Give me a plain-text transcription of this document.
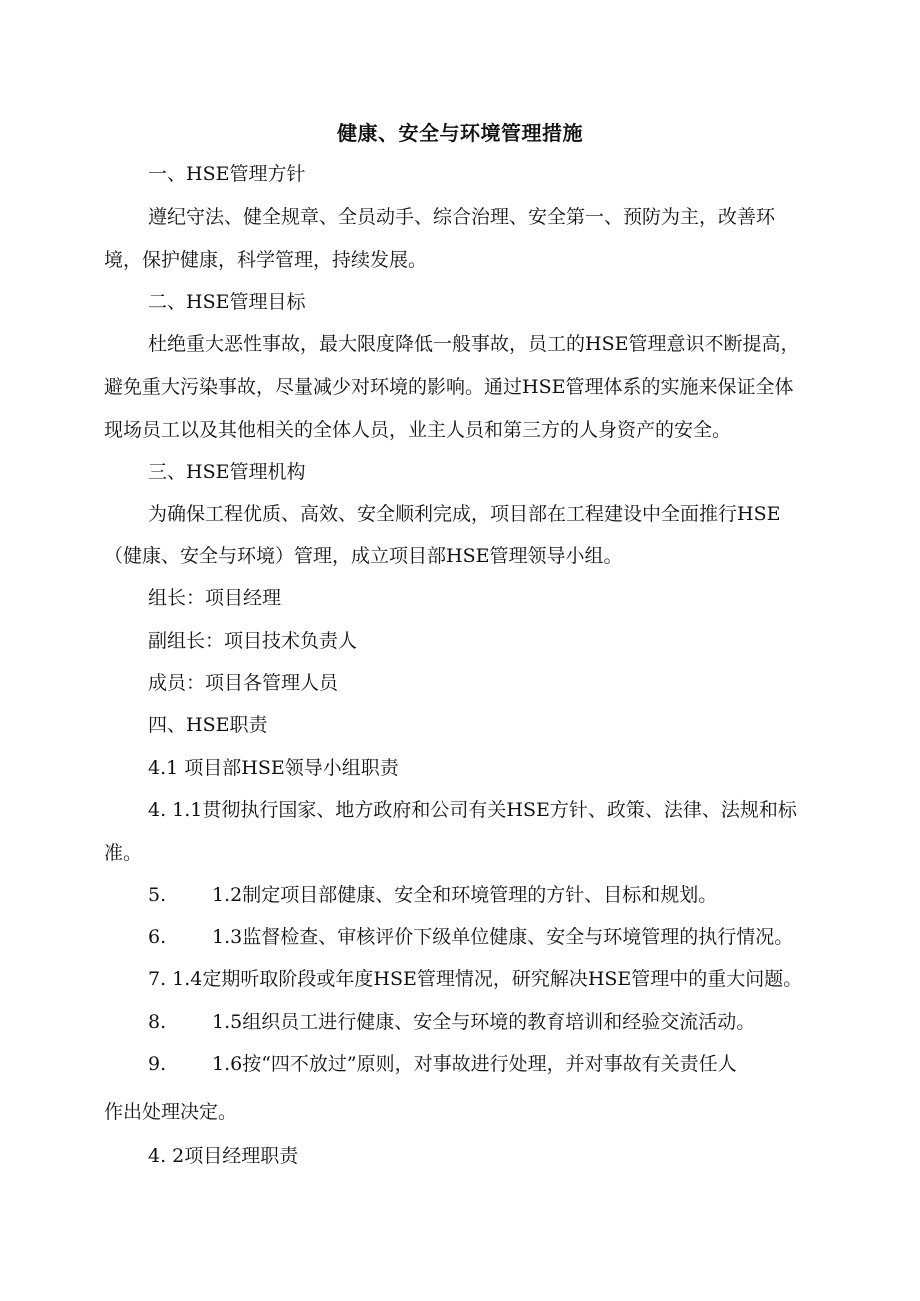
健康、安全与环境管理措施
一、HSE管理方针
遵纪守法、健全规章、全员动手、综合治理、安全第一、预防为主，改善环
境，保护健康，科学管理，持续发展。
二、HSE管理目标
杜绝重大恶性事故，最大限度降低一般事故，员工的HSE管理意识不断提高，
避免重大污染事故，尽量减少对环境的影响。通过HSE管理体系的实施来保证全体
现场员工以及其他相关的全体人员，业主人员和第三方的人身资产的安全。
三、HSE管理机构
为确保工程优质、高效、安全顺利完成，项目部在工程建设中全面推行HSE
（健康、安全与环境）管理，成立项目部HSE管理领导小组。
组长：项目经理
副组长：项目技术负责人
成员：项目各管理人员
四、HSE职责
4.1 项目部HSE领导小组职责
4. 1.1贯彻执行国家、地方政府和公司有关HSE方针、政策、法律、法规和标
准。
5. 1.2制定项目部健康、安全和环境管理的方针、目标和规划。
6. 1.3监督检查、审核评价下级单位健康、安全与环境管理的执行情况。
7. 1.4定期听取阶段或年度HSE管理情况，研究解决HSE管理中的重大问题。
8. 1.5组织员工进行健康、安全与环境的教育培训和经验交流活动。
9. 1.6按“四不放过”原则，对事故进行处理，并对事故有关责任人
作出处理决定。
4. 2项目经理职责
